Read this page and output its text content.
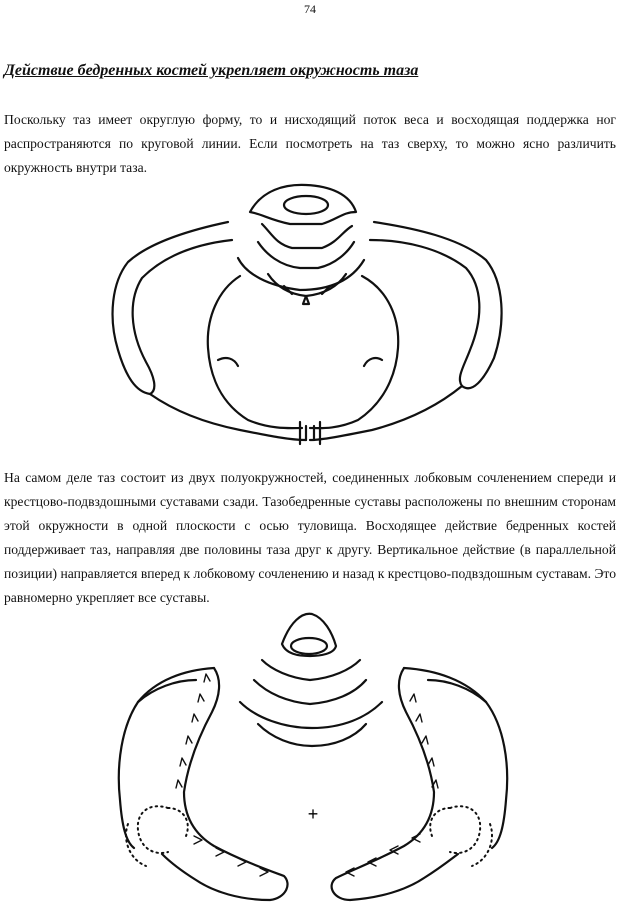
74
Действие бедренных костей укрепляет окружность таза

Поскольку таз имеет округлую форму, то и нисходящий поток веса и восходящая поддержка ног распространяются по круговой линии. Если посмотреть на таз сверху, то можно ясно различить окружность внутри таза.

На самом деле таз состоит из двух полуокружностей, соединенных лобковым сочленением спереди и крестцово-подвздошными суставами сзади. Тазобедренные суставы расположены по внешним сторонам этой окружности в одной плоскости с осью туловища. Восходящее действие бедренных костей поддерживает таз, направляя две половины таза друг к другу. Вертикальное действие (в параллельной позиции) направляется вперед к лобковому сочленению и назад к крестцово-подвздошным суставам. Это равномерно укрепляет все суставы.

+
